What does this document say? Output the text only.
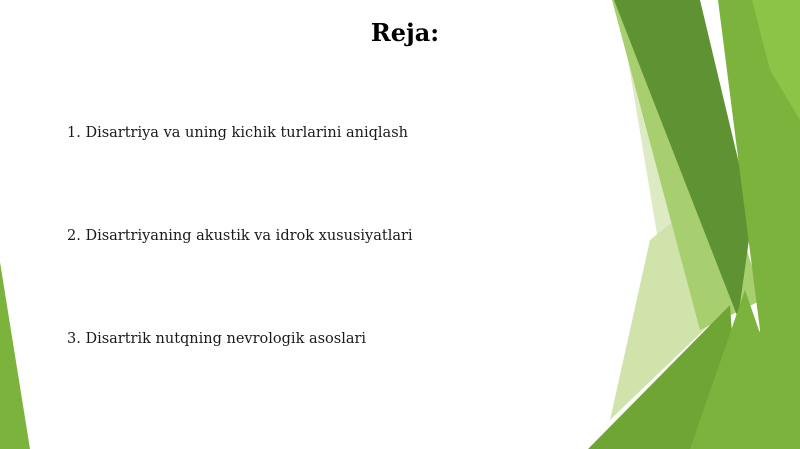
Reja:
1. Disartriya va uning kichik turlarini aniqlash
2. Disartriyaning akustik va idrok xususiyatlari
3. Disartrik nutqning nevrologik asoslari
